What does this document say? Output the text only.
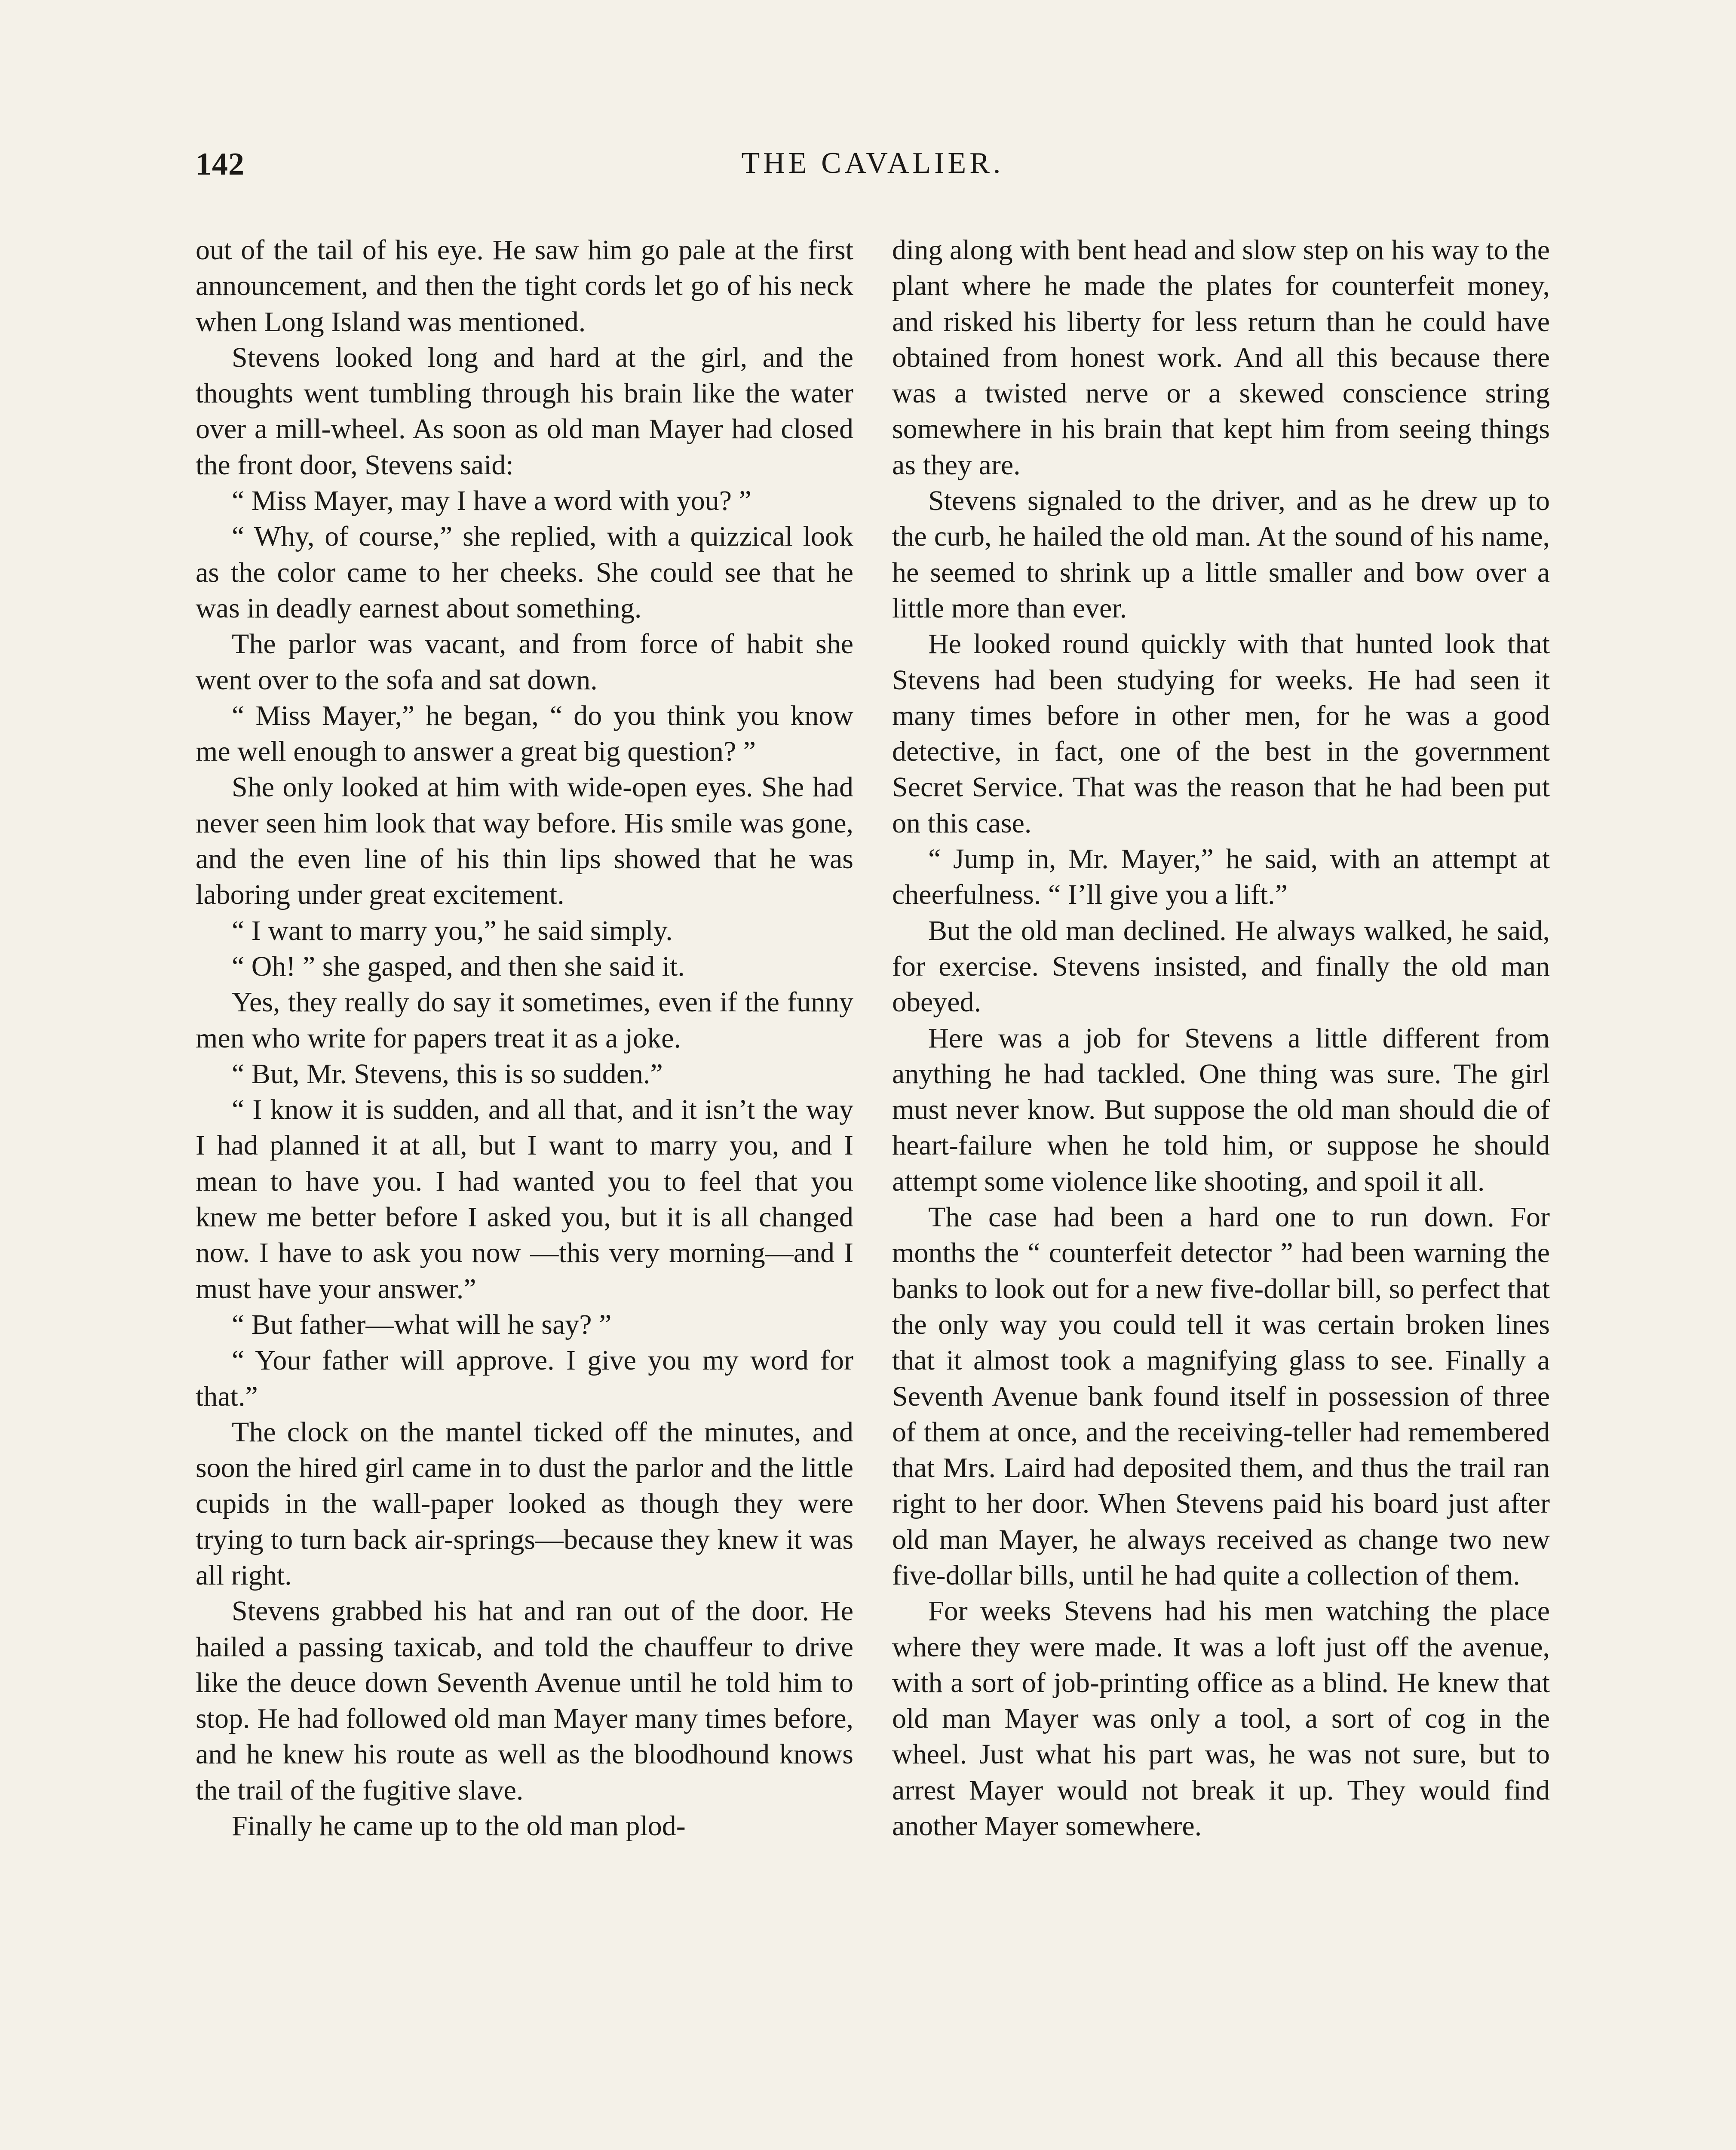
142	THE CAVALIER.

out of the tail of his eye. He saw him go pale at the first announcement, and then the tight cords let go of his neck when Long Island was mentioned.

Stevens looked long and hard at the girl, and the thoughts went tumbling through his brain like the water over a mill-wheel. As soon as old man Mayer had closed the front door, Stevens said:

“ Miss Mayer, may I have a word with you? ”

“ Why, of course,” she replied, with a quizzical look as the color came to her cheeks. She could see that he was in deadly earnest about something.

The parlor was vacant, and from force of habit she went over to the sofa and sat down.

“ Miss Mayer,” he began, “ do you think you know me well enough to answer a great big question? ”

She only looked at him with wide-open eyes. She had never seen him look that way before. His smile was gone, and the even line of his thin lips showed that he was laboring under great excitement.

“ I want to marry you,” he said simply.

“ Oh! ” she gasped, and then she said it.

Yes, they really do say it sometimes, even if the funny men who write for papers treat it as a joke.

“ But, Mr. Stevens, this is so sudden.”

“ I know it is sudden, and all that, and it isn’t the way I had planned it at all, but I want to marry you, and I mean to have you. I had wanted you to feel that you knew me better before I asked you, but it is all changed now. I have to ask you now —this very morning—and I must have your answer.”

“ But father—what will he say? ”

“ Your father will approve. I give you my word for that.”

The clock on the mantel ticked off the minutes, and soon the hired girl came in to dust the parlor and the little cupids in the wall-paper looked as though they were trying to turn back air-springs—because they knew it was all right.

Stevens grabbed his hat and ran out of the door. He hailed a passing taxicab, and told the chauffeur to drive like the deuce down Seventh Avenue until he told him to stop. He had followed old man Mayer many times before, and he knew his route as well as the bloodhound knows the trail of the fugitive slave.

Finally he came up to the old man plod-

ding along with bent head and slow step on his way to the plant where he made the plates for counterfeit money, and risked his liberty for less return than he could have obtained from honest work. And all this because there was a twisted nerve or a skewed conscience string somewhere in his brain that kept him from seeing things as they are.

Stevens signaled to the driver, and as he drew up to the curb, he hailed the old man. At the sound of his name, he seemed to shrink up a little smaller and bow over a little more than ever.

He looked round quickly with that hunted look that Stevens had been studying for weeks. He had seen it many times before in other men, for he was a good detective, in fact, one of the best in the government Secret Service. That was the reason that he had been put on this case.

“ Jump in, Mr. Mayer,” he said, with an attempt at cheerfulness. “ I’ll give you a lift.”

But the old man declined. He always walked, he said, for exercise. Stevens insisted, and finally the old man obeyed.

Here was a job for Stevens a little different from anything he had tackled. One thing was sure. The girl must never know. But suppose the old man should die of heart-failure when he told him, or suppose he should attempt some violence like shooting, and spoil it all.

The case had been a hard one to run down. For months the “ counterfeit detector ” had been warning the banks to look out for a new five-dollar bill, so perfect that the only way you could tell it was certain broken lines that it almost took a magnifying glass to see. Finally a Seventh Avenue bank found itself in possession of three of them at once, and the receiving-teller had remembered that Mrs. Laird had deposited them, and thus the trail ran right to her door. When Stevens paid his board just after old man Mayer, he always received as change two new five-dollar bills, until he had quite a collection of them.

For weeks Stevens had his men watching the place where they were made. It was a loft just off the avenue, with a sort of job-printing office as a blind. He knew that old man Mayer was only a tool, a sort of cog in the wheel. Just what his part was, he was not sure, but to arrest Mayer would not break it up. They would find another Mayer somewhere.
